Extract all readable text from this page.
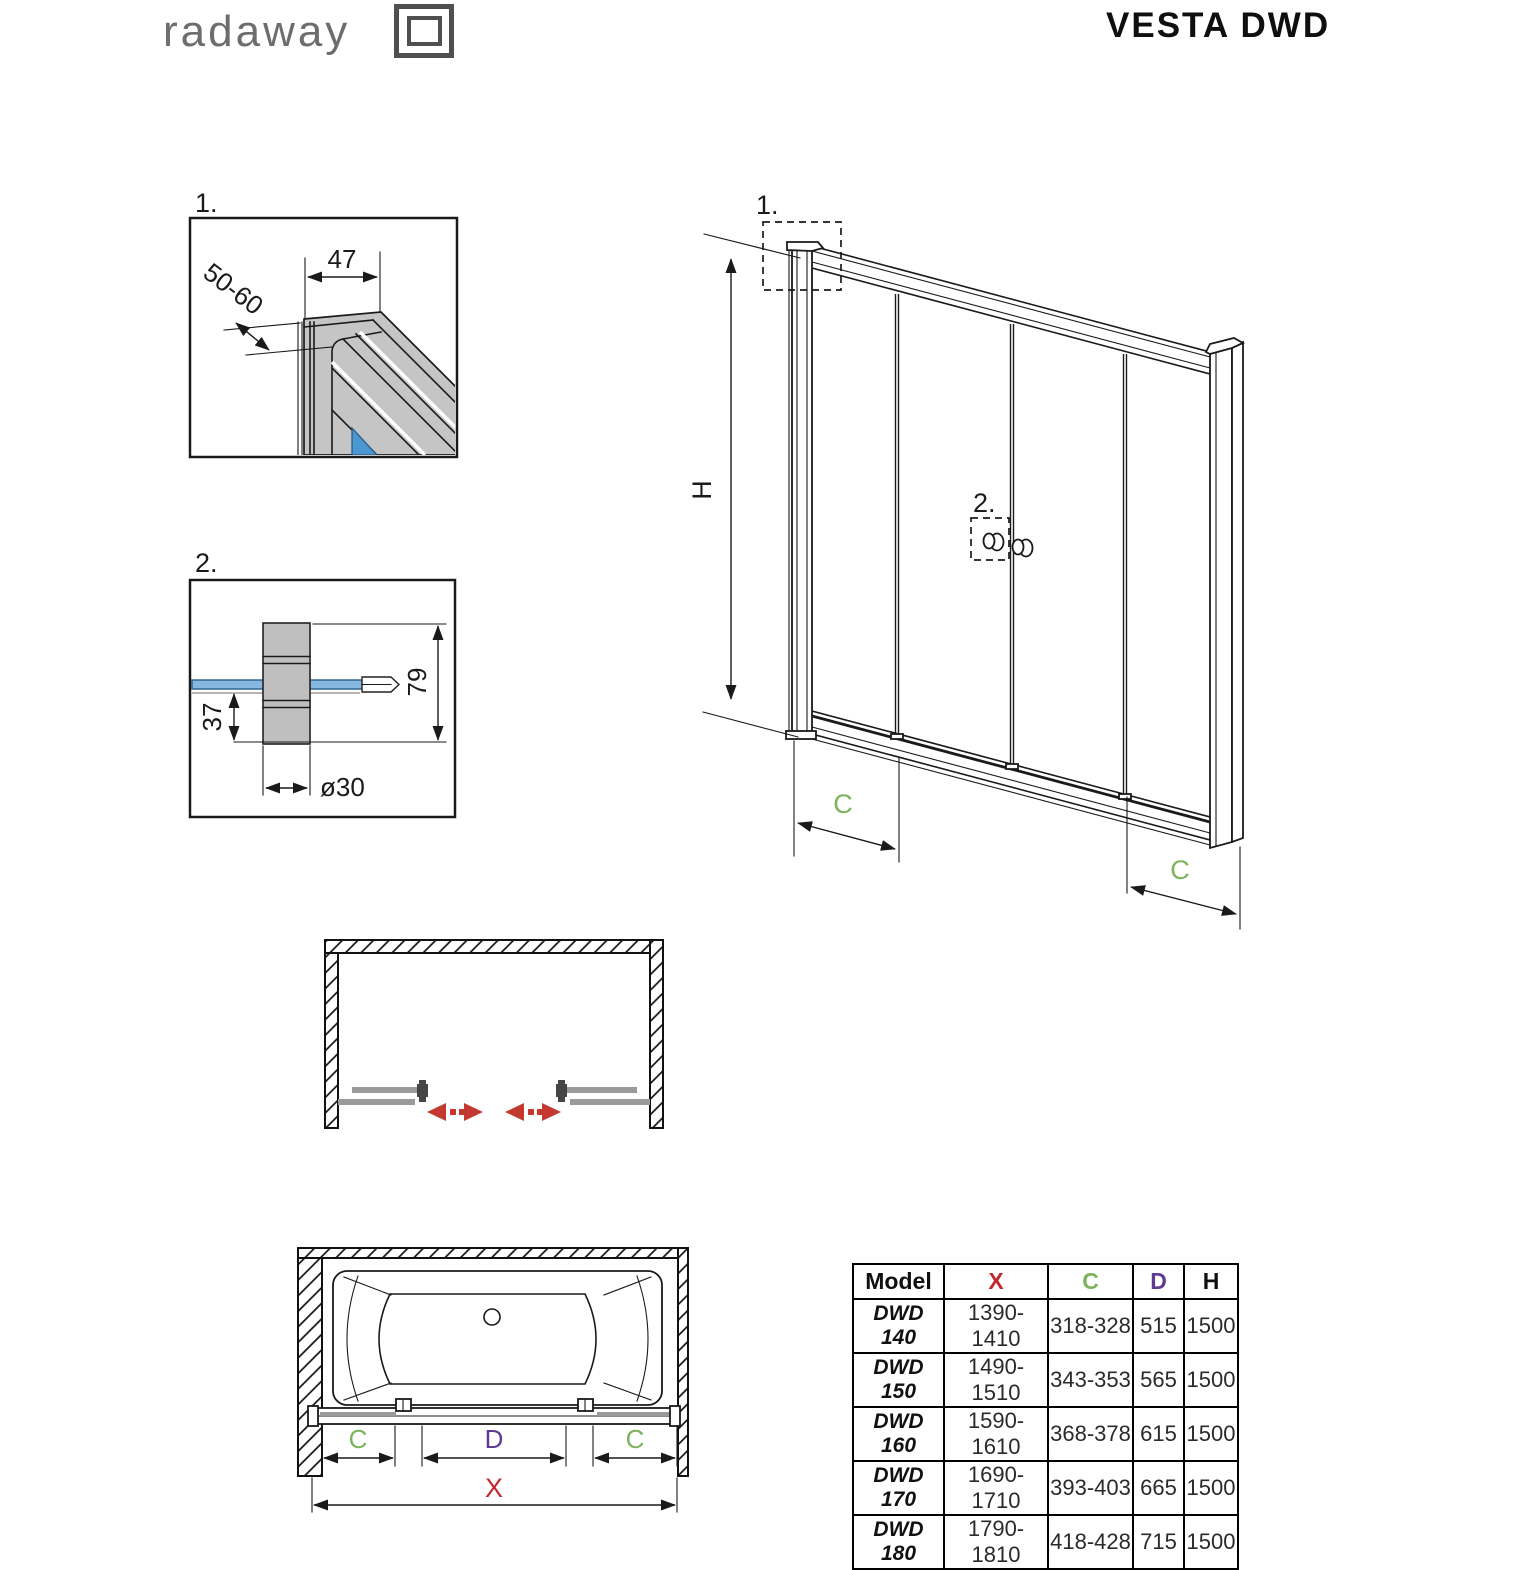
radaway	VESTA DWD
1.
47
50-60
2.
79
37
ø30
1.
2.
H
C
C
C	D	C
X
Model	X	C	D	H
DWD 140	1390-1410	318-328	515	1500
DWD 150	1490-1510	343-353	565	1500
DWD 160	1590-1610	368-378	615	1500
DWD 170	1690-1710	393-403	665	1500
DWD 180	1790-1810	418-428	715	1500
